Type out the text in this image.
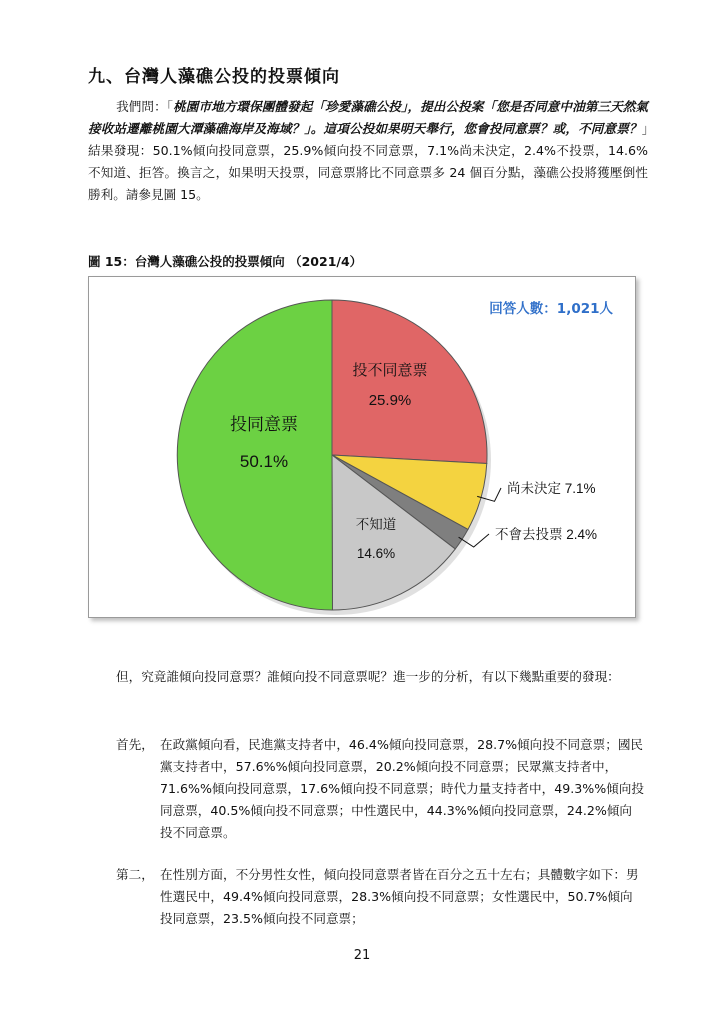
九、台灣人藻礁公投的投票傾向
我們問：「桃園市地方環保團體發起「珍愛藻礁公投」，提出公投案「您是否同意中油第三天然氣接收站遷離桃園大潭藻礁海岸及海域？」。這項公投如果明天舉行，您會投同意票？或，不同意票？」結果發現：50.1%傾向投同意票，25.9%傾向投不同意票，7.1%尚未決定，2.4%不投票，14.6%不知道、拒答。換言之，如果明天投票，同意票將比不同意票多 24 個百分點，藻礁公投將獲壓倒性勝利。請參見圖 15。
圖 15：台灣人藻礁公投的投票傾向 （2021/4）
投不同意票
25.9%
投同意票
50.1%
不知道
14.6%
尚未決定 7.1%
不會去投票 2.4%
回答人數：1,021人
但，究竟誰傾向投同意票？誰傾向投不同意票呢？進一步的分析，有以下幾點重要的發現：
首先， 在政黨傾向看，民進黨支持者中，46.4%傾向投同意票，28.7%傾向投不同意票；國民黨支持者中，57.6%%傾向投同意票，20.2%傾向投不同意票；民眾黨支持者中，71.6%%傾向投同意票，17.6%傾向投不同意票；時代力量支持者中，49.3%%傾向投同意票，40.5%傾向投不同意票；中性選民中，44.3%%傾向投同意票，24.2%傾向投不同意票。
第二， 在性別方面，不分男性女性，傾向投同意票者皆在百分之五十左右；具體數字如下：男性選民中，49.4%傾向投同意票，28.3%傾向投不同意票；女性選民中，50.7%傾向投同意票，23.5%傾向投不同意票；
21
